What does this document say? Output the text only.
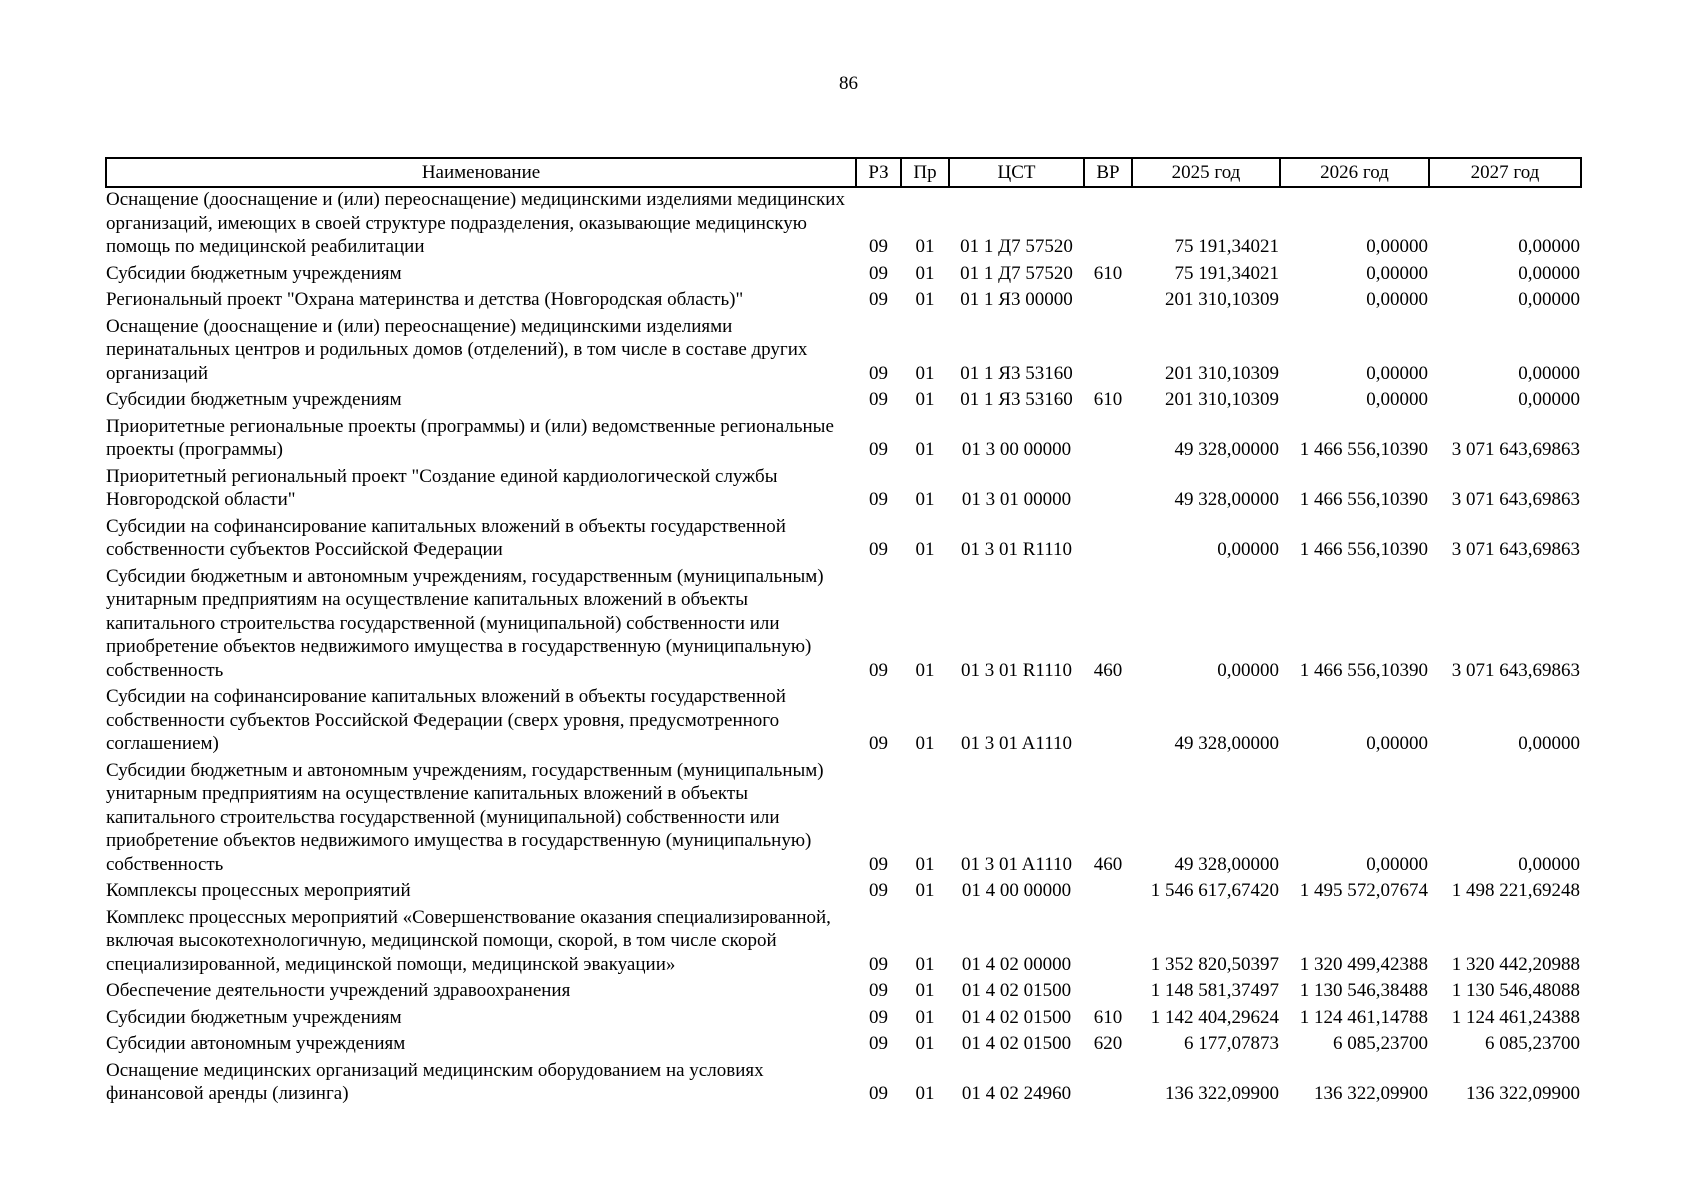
86
Наименование	РЗ	Пр	ЦСТ	ВР	2025 год	2026 год	2027 год
Оснащение (дооснащение и (или) переоснащение) медицинскими изделиями медицинских организаций, имеющих в своей структуре подразделения, оказывающие медицинскую помощь по медицинской реабилитации	09	01	01 1 Д7 57520		75 191,34021	0,00000	0,00000
Субсидии бюджетным учреждениям	09	01	01 1 Д7 57520	610	75 191,34021	0,00000	0,00000
Региональный проект "Охрана материнства и детства (Новгородская область)"	09	01	01 1 Я3 00000		201 310,10309	0,00000	0,00000
Оснащение (дооснащение и (или) переоснащение) медицинскими изделиями перинатальных центров и родильных домов (отделений), в том числе в составе других организаций	09	01	01 1 Я3 53160		201 310,10309	0,00000	0,00000
Субсидии бюджетным учреждениям	09	01	01 1 Я3 53160	610	201 310,10309	0,00000	0,00000
Приоритетные региональные проекты (программы) и (или) ведомственные региональные проекты (программы)	09	01	01 3 00 00000		49 328,00000	1 466 556,10390	3 071 643,69863
Приоритетный региональный проект "Создание единой кардиологической службы Новгородской области"	09	01	01 3 01 00000		49 328,00000	1 466 556,10390	3 071 643,69863
Субсидии на софинансирование капитальных вложений в объекты государственной собственности субъектов Российской Федерации	09	01	01 3 01 R1110		0,00000	1 466 556,10390	3 071 643,69863
Субсидии бюджетным и автономным учреждениям, государственным (муниципальным) унитарным предприятиям на осуществление капитальных вложений в объекты капитального строительства государственной (муниципальной) собственности или приобретение объектов недвижимого имущества в государственную (муниципальную) собственность	09	01	01 3 01 R1110	460	0,00000	1 466 556,10390	3 071 643,69863
Субсидии на софинансирование капитальных вложений в объекты государственной собственности субъектов Российской Федерации (сверх уровня, предусмотренного соглашением)	09	01	01 3 01 A1110		49 328,00000	0,00000	0,00000
Субсидии бюджетным и автономным учреждениям, государственным (муниципальным) унитарным предприятиям на осуществление капитальных вложений в объекты капитального строительства государственной (муниципальной) собственности или приобретение объектов недвижимого имущества в государственную (муниципальную) собственность	09	01	01 3 01 A1110	460	49 328,00000	0,00000	0,00000
Комплексы процессных мероприятий	09	01	01 4 00 00000		1 546 617,67420	1 495 572,07674	1 498 221,69248
Комплекс процессных мероприятий «Совершенствование оказания специализированной, включая высокотехнологичную, медицинской помощи, скорой, в том числе скорой специализированной, медицинской помощи, медицинской эвакуации»	09	01	01 4 02 00000		1 352 820,50397	1 320 499,42388	1 320 442,20988
Обеспечение деятельности учреждений здравоохранения	09	01	01 4 02 01500		1 148 581,37497	1 130 546,38488	1 130 546,48088
Субсидии бюджетным учреждениям	09	01	01 4 02 01500	610	1 142 404,29624	1 124 461,14788	1 124 461,24388
Субсидии автономным учреждениям	09	01	01 4 02 01500	620	6 177,07873	6 085,23700	6 085,23700
Оснащение медицинских организаций медицинским оборудованием на условиях финансовой аренды (лизинга)	09	01	01 4 02 24960		136 322,09900	136 322,09900	136 322,09900
